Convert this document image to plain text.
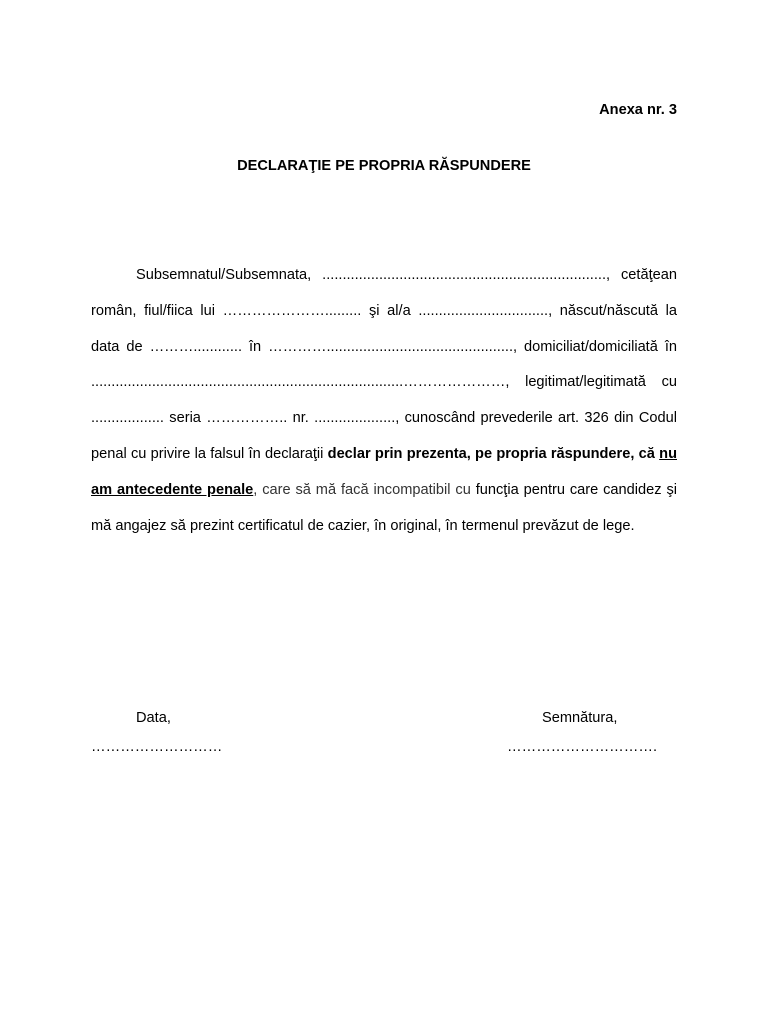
Anexa nr. 3
DECLARAŢIE PE PROPRIA RĂSPUNDERE

Subsemnatul/Subsemnata, ......................................................................, cetăţean român, fiul/fiica lui …………………......... şi al/a ................................, născut/născută la data de ………............ în ………….............................................., domiciliat/domiciliată în .............................................................................…………………, legitimat/legitimată cu .................. seria …………….. nr. ...................., cunoscând prevederile art. 326 din Codul penal cu privire la falsul în declaraţii declar prin prezenta, pe propria răspundere, că nu am antecedente penale, care să mă facă incompatibil cu funcţia pentru care candidez şi mă angajez să prezint certificatul de cazier, în original, în termenul prevăzut de lege.

Data,	Semnătura,
………………………	………………………….
